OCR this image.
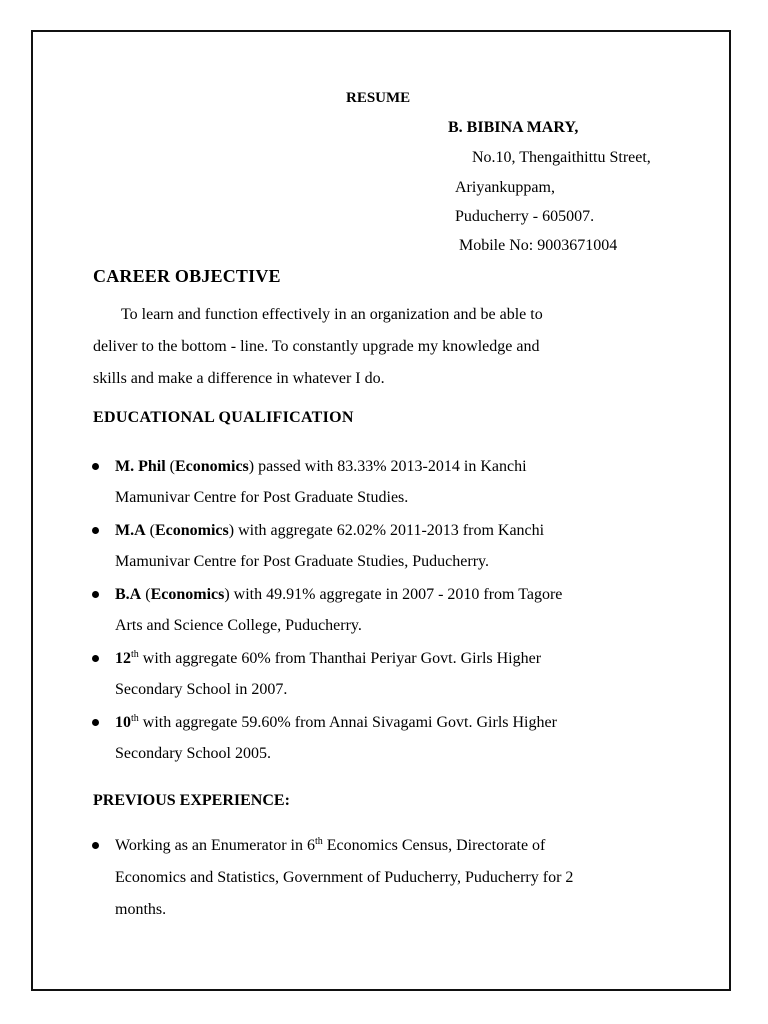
RESUME
B. BIBINA MARY,
No.10, Thengaithittu Street,
Ariyankuppam,
Puducherry - 605007.
Mobile No: 9003671004
CAREER OBJECTIVE
To learn and function effectively in an organization and be able to
deliver to the bottom - line. To constantly upgrade my knowledge and
skills and make a difference in whatever I do.
EDUCATIONAL QUALIFICATION
M. Phil (Economics) passed with 83.33% 2013-2014 in Kanchi
Mamunivar Centre for Post Graduate Studies.
M.A (Economics) with aggregate 62.02% 2011-2013 from Kanchi
Mamunivar Centre for Post Graduate Studies, Puducherry.
B.A (Economics) with 49.91% aggregate in 2007 - 2010 from Tagore
Arts and Science College, Puducherry.
12th with aggregate 60% from Thanthai Periyar Govt. Girls Higher
Secondary School in 2007.
10th with aggregate 59.60% from Annai Sivagami Govt. Girls Higher
Secondary School 2005.
PREVIOUS EXPERIENCE:
Working as an Enumerator in 6th Economics Census, Directorate of
Economics and Statistics, Government of Puducherry, Puducherry for 2
months.
